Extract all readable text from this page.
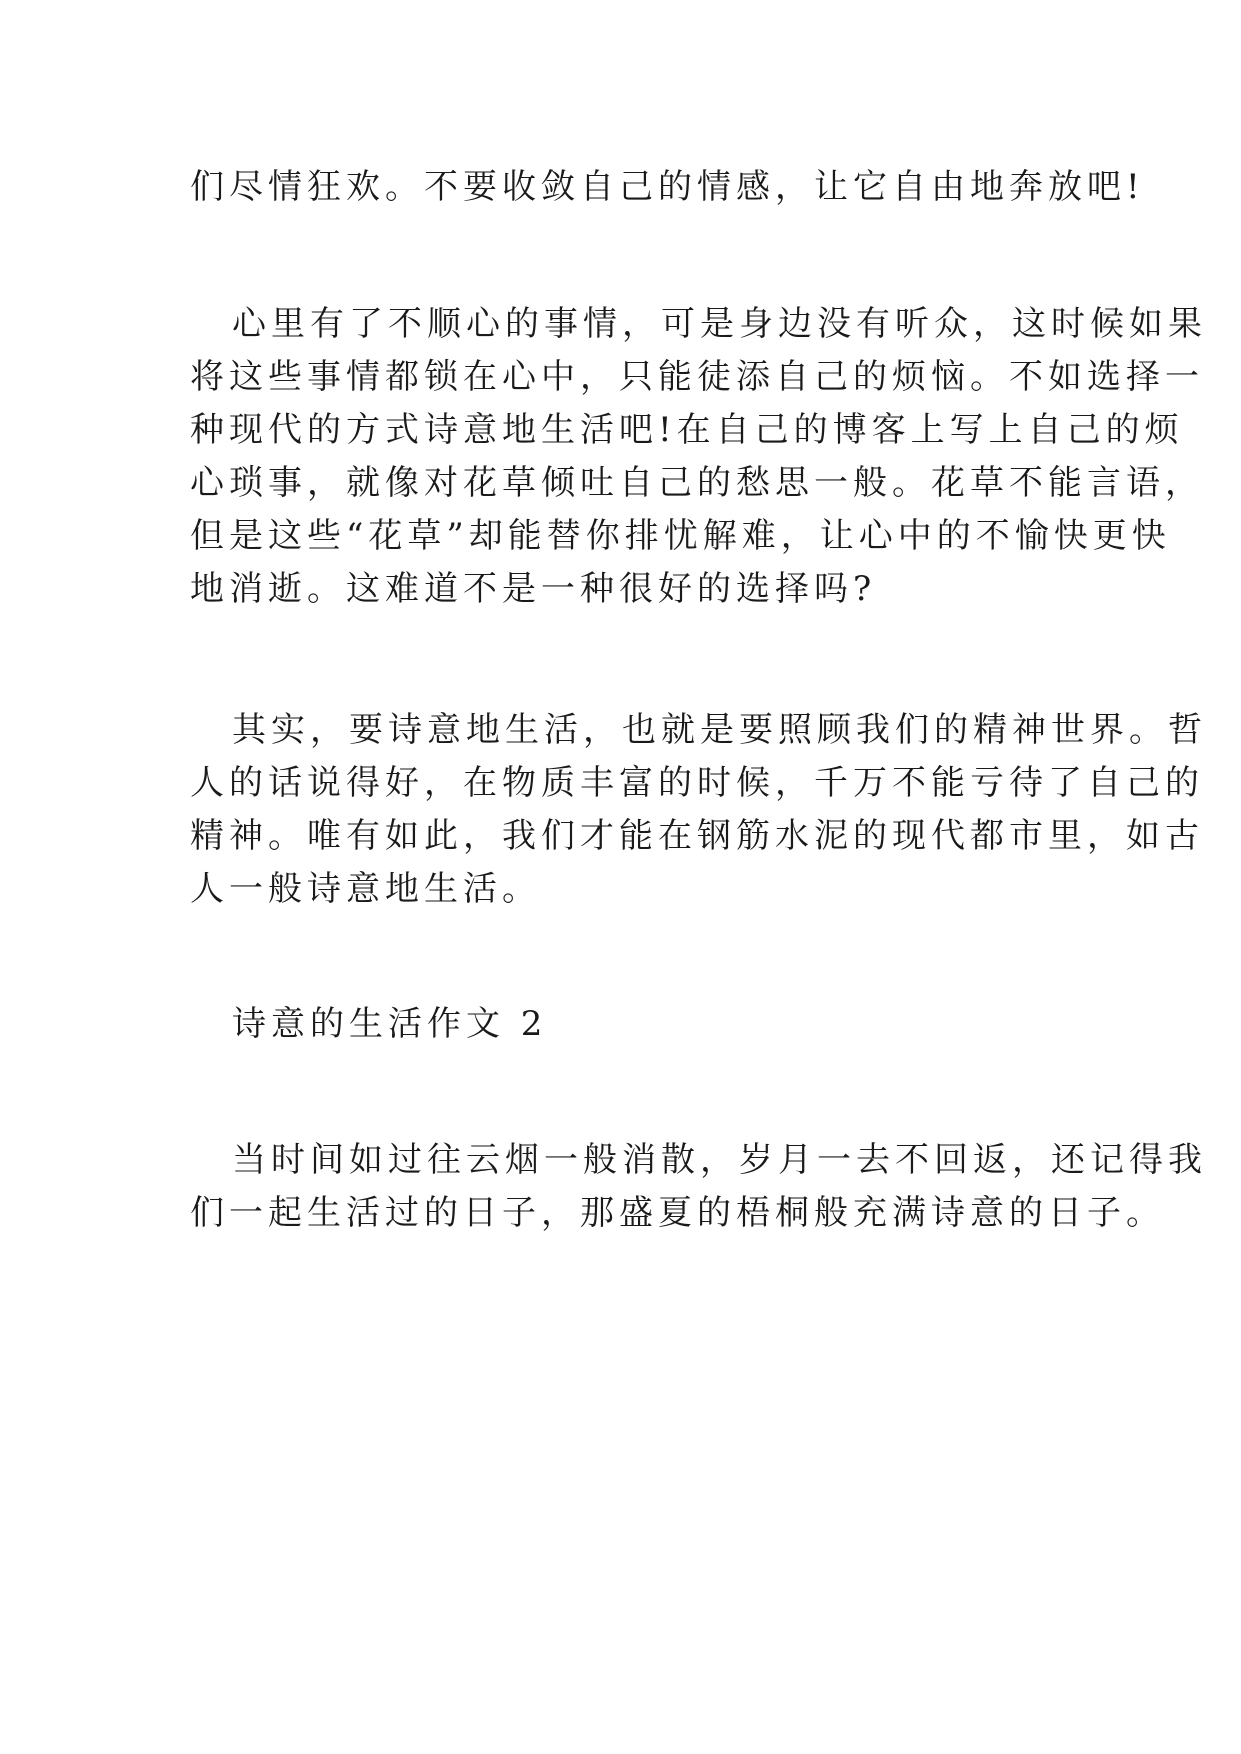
们尽情狂欢。不要收敛自己的情感，让它自由地奔放吧!
心里有了不顺心的事情，可是身边没有听众，这时候如果
将这些事情都锁在心中，只能徒添自己的烦恼。不如选择一
种现代的方式诗意地生活吧!在自己的博客上写上自己的烦
心琐事，就像对花草倾吐自己的愁思一般。花草不能言语，
但是这些“花草”却能替你排忧解难，让心中的不愉快更快
地消逝。这难道不是一种很好的选择吗?
其实，要诗意地生活，也就是要照顾我们的精神世界。哲
人的话说得好，在物质丰富的时候，千万不能亏待了自己的
精神。唯有如此，我们才能在钢筋水泥的现代都市里，如古
人一般诗意地生活。
诗意的生活作文 2
当时间如过往云烟一般消散，岁月一去不回返，还记得我
们一起生活过的日子，那盛夏的梧桐般充满诗意的日子。
